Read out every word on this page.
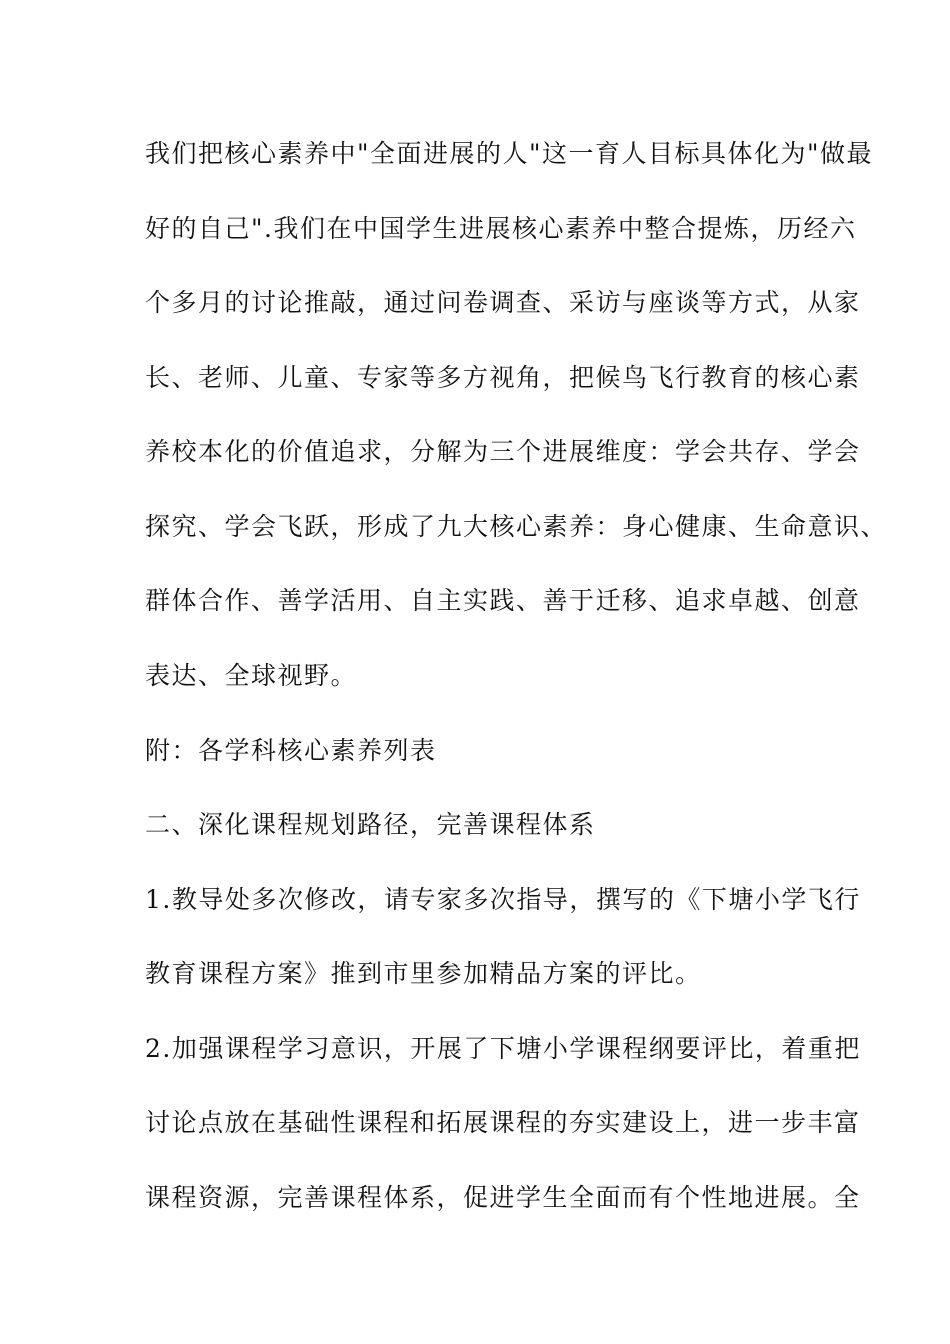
我们把核心素养中"全面进展的人"这一育人目标具体化为"做最
好的自己".我们在中国学生进展核心素养中整合提炼，历经六
个多月的讨论推敲，通过问卷调查、采访与座谈等方式，从家
长、老师、儿童、专家等多方视角，把候鸟飞行教育的核心素
养校本化的价值追求，分解为三个进展维度：学会共存、学会
探究、学会飞跃，形成了九大核心素养：身心健康、生命意识、
群体合作、善学活用、自主实践、善于迁移、追求卓越、创意
表达、全球视野。
附：各学科核心素养列表
二、深化课程规划路径，完善课程体系
1.教导处多次修改，请专家多次指导，撰写的《下塘小学飞行
教育课程方案》推到市里参加精品方案的评比。
2.加强课程学习意识，开展了下塘小学课程纲要评比，着重把
讨论点放在基础性课程和拓展课程的夯实建设上，进一步丰富
课程资源，完善课程体系，促进学生全面而有个性地进展。全
